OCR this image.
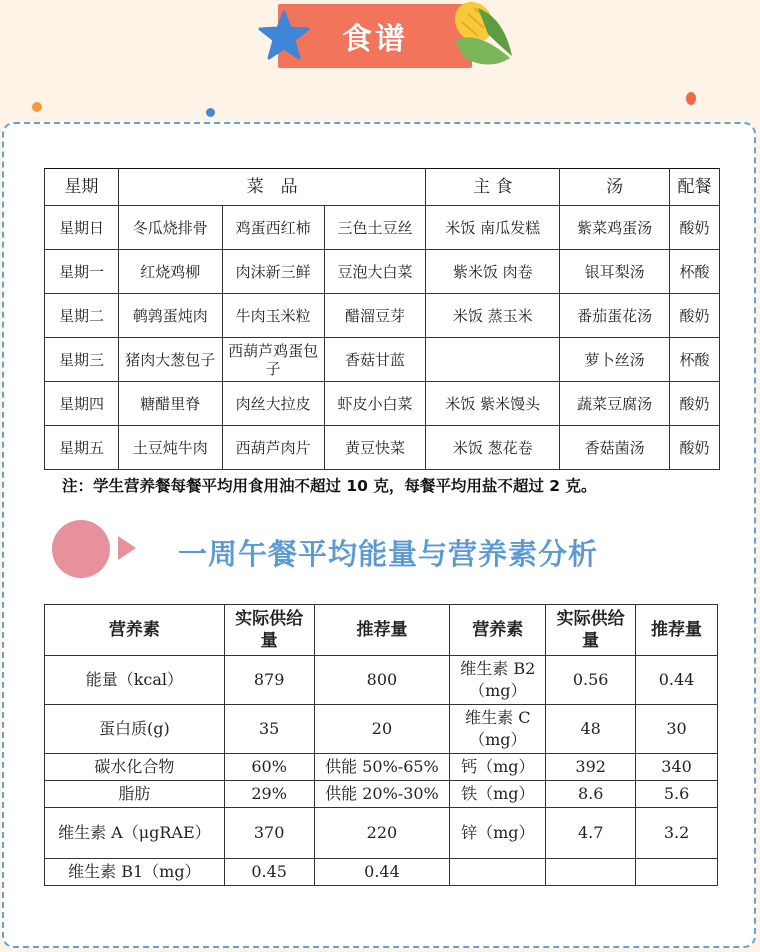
食谱
星期	菜　品			主 食	汤	配餐
星期日	冬瓜烧排骨	鸡蛋西红柿	三色土豆丝	米饭 南瓜发糕	紫菜鸡蛋汤	酸奶
星期一	红烧鸡柳	肉沫新三鲜	豆泡大白菜	紫米饭 肉卷	银耳梨汤	杯酸
星期二	鹌鹑蛋炖肉	牛肉玉米粒	醋溜豆芽	米饭 蒸玉米	番茄蛋花汤	酸奶
星期三	猪肉大葱包子	西葫芦鸡蛋包子	香菇甘蓝		萝卜丝汤	杯酸
星期四	糖醋里脊	肉丝大拉皮	虾皮小白菜	米饭 紫米馒头	蔬菜豆腐汤	酸奶
星期五	土豆炖牛肉	西葫芦肉片	黄豆快菜	米饭 葱花卷	香菇菌汤	酸奶
注：学生营养餐每餐平均用食用油不超过 10 克，每餐平均用盐不超过 2 克。
一周午餐平均能量与营养素分析
营养素	实际供给量	推荐量	营养素	实际供给量	推荐量
能量（kcal）	879	800	维生素 B2（mg）	0.56	0.44
蛋白质(g)	35	20	维生素 C（mg）	48	30
碳水化合物	60%	供能 50%-65%	钙（mg）	392	340
脂肪	29%	供能 20%-30%	铁（mg）	8.6	5.6
维生素 A（μgRAE）	370	220	锌（mg）	4.7	3.2
维生素 B1（mg）	0.45	0.44			
